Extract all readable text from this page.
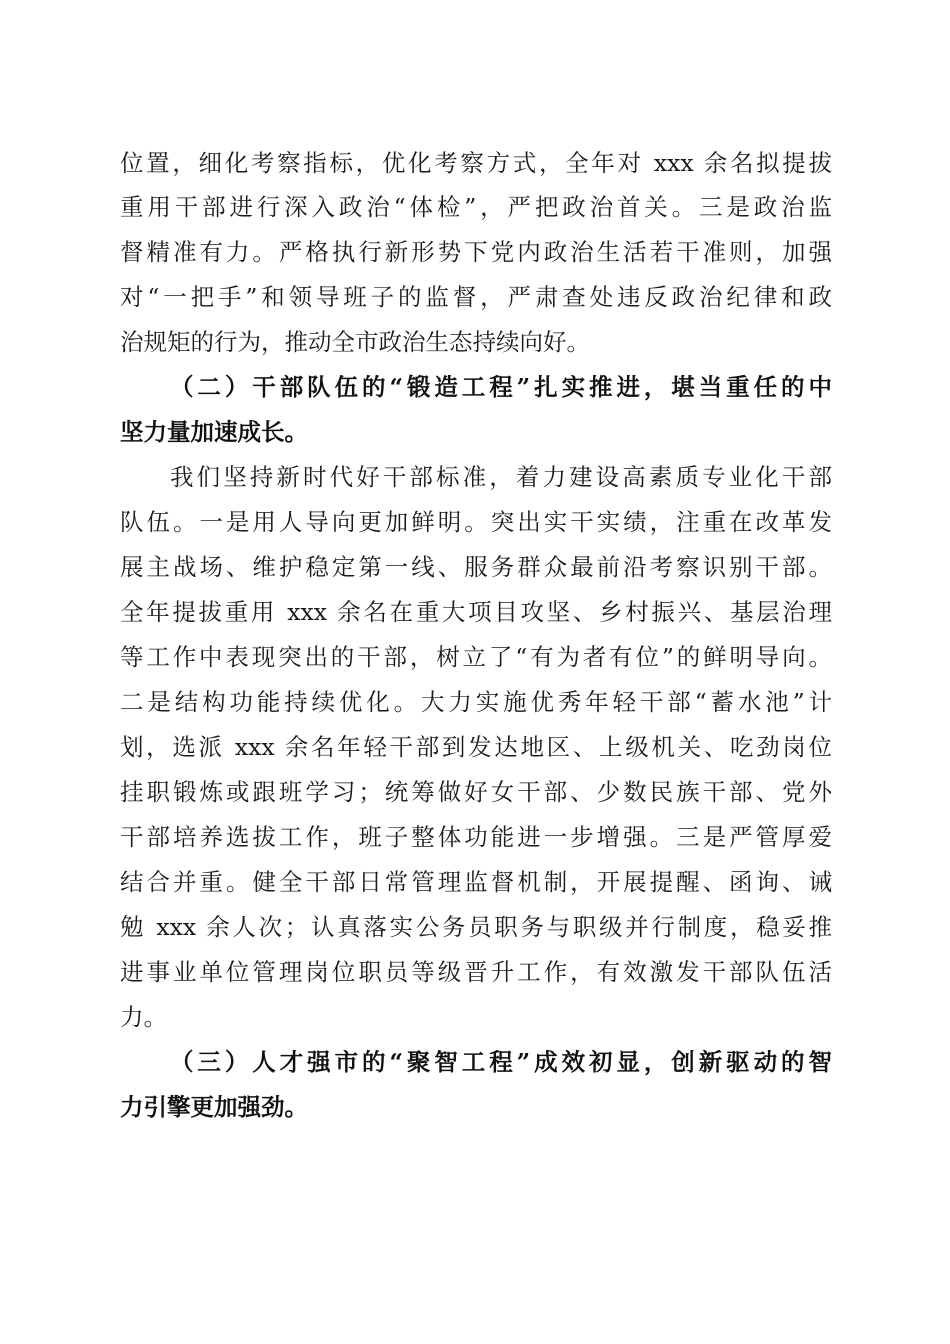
位置，细化考察指标，优化考察方式，全年对 xxx 余名拟提拔
重用干部进行深入政治“体检”，严把政治首关。三是政治监
督精准有力。严格执行新形势下党内政治生活若干准则，加强
对“一把手”和领导班子的监督，严肃查处违反政治纪律和政
治规矩的行为，推动全市政治生态持续向好。
（二）干部队伍的“锻造工程”扎实推进，堪当重任的中
坚力量加速成长。
我们坚持新时代好干部标准，着力建设高素质专业化干部
队伍。一是用人导向更加鲜明。突出实干实绩，注重在改革发
展主战场、维护稳定第一线、服务群众最前沿考察识别干部。
全年提拔重用 xxx 余名在重大项目攻坚、乡村振兴、基层治理
等工作中表现突出的干部，树立了“有为者有位”的鲜明导向。
二是结构功能持续优化。大力实施优秀年轻干部“蓄水池”计
划，选派 xxx 余名年轻干部到发达地区、上级机关、吃劲岗位
挂职锻炼或跟班学习；统筹做好女干部、少数民族干部、党外
干部培养选拔工作，班子整体功能进一步增强。三是严管厚爱
结合并重。健全干部日常管理监督机制，开展提醒、函询、诫
勉 xxx 余人次；认真落实公务员职务与职级并行制度，稳妥推
进事业单位管理岗位职员等级晋升工作，有效激发干部队伍活
力。
（三）人才强市的“聚智工程”成效初显，创新驱动的智
力引擎更加强劲。
